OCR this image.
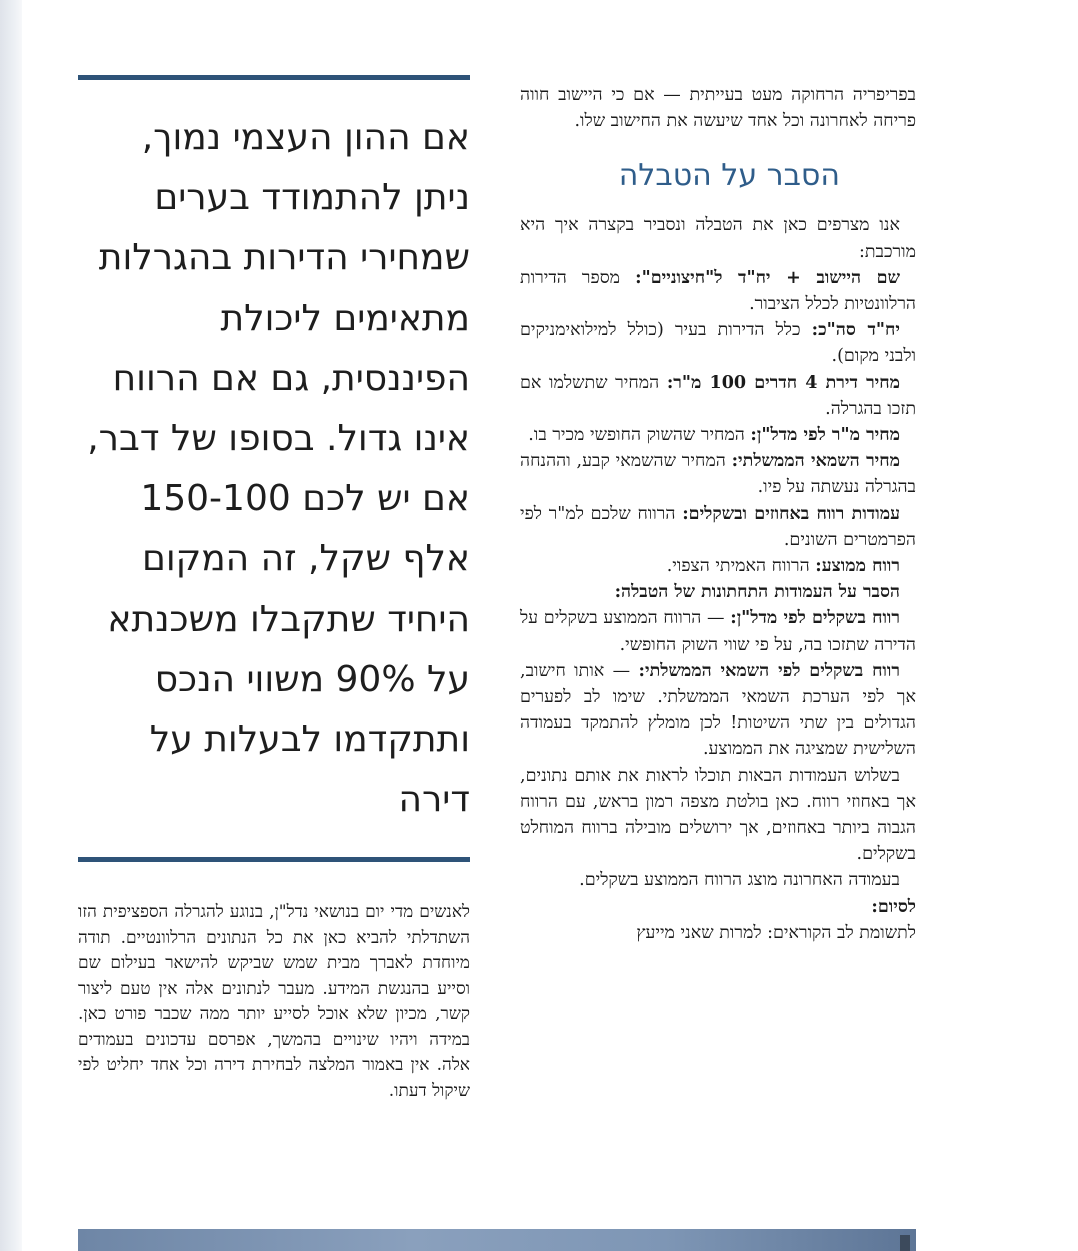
בפריפריה הרחוקה מעט בעייתית — אם כי היישוב חווה פריחה לאחרונה וכל אחד שיעשה את החישוב שלו.

הסבר על הטבלה

אנו מצרפים כאן את הטבלה ונסביר בקצרה איך היא מורכבת:

שם היישוב + יח"ד ל"חיצוניים": מספר הדירות הרלוונטיות לכלל הציבור.

יח"ד סה"כ: כלל הדירות בעיר (כולל למילואימניקים ולבני מקום).

מחיר דירת 4 חדרים 100 מ"ר: המחיר שתשלמו אם תזכו בהגרלה.

מחיר מ"ר לפי מדל"ן: המחיר שהשוק החופשי מכיר בו.

מחיר השמאי הממשלתי: המחיר שהשמאי קבע, וההנחה בהגרלה נעשתה על פיו.

עמודות רווח באחוזים ובשקלים: הרווח שלכם למ"ר לפי הפרמטרים השונים.

רווח ממוצע: הרווח האמיתי הצפוי.

הסבר על העמודות התחתונות של הטבלה:

רווח בשקלים לפי מדל"ן: — הרווח הממוצע בשקלים על הדירה שתזכו בה, על פי שווי השוק החופשי.

רווח בשקלים לפי השמאי הממשלתי: — אותו חישוב, אך לפי הערכת השמאי הממשלתי. שימו לב לפערים הגדולים בין שתי השיטות! לכן מומלץ להתמקד בעמודה השלישית שמציגה את הממוצע.

בשלוש העמודות הבאות תוכלו לראות את אותם נתונים, אך באחוזי רווח. כאן בולטת מצפה רמון בראש, עם הרווח הגבוה ביותר באחוזים, אך ירושלים מובילה ברווח המוחלט בשקלים.

בעמודה האחרונה מוצג הרווח הממוצע בשקלים.

לסיום:

לתשומת לב הקוראים: למרות שאני מייעץ

אם ההון העצמי נמוך, ניתן להתמודד בערים שמחירי הדירות בהגרלות מתאימים ליכולת הפיננסית, גם אם הרווח אינו גדול. בסופו של דבר, אם יש לכם 150-100 אלף שקל, זה המקום היחיד שתקבלו משכנתא על 90% משווי הנכס ותתקדמו לבעלות על דירה

לאנשים מדי יום בנושאי נדל"ן, בנוגע להגרלה הספציפית הזו השתדלתי להביא כאן את כל הנתונים הרלוונטיים. תודה מיוחדת לאברך מבית שמש שביקש להישאר בעילום שם וסייע בהנגשת המידע. מעבר לנתונים אלה אין טעם ליצור קשר, מכיון שלא אוכל לסייע יותר ממה שכבר פורט כאן. במידה ויהיו שינויים בהמשך, אפרסם עדכונים בעמודים אלה. אין באמור המלצה לבחירת דירה וכל אחד יחליט לפי שיקול דעתו.
